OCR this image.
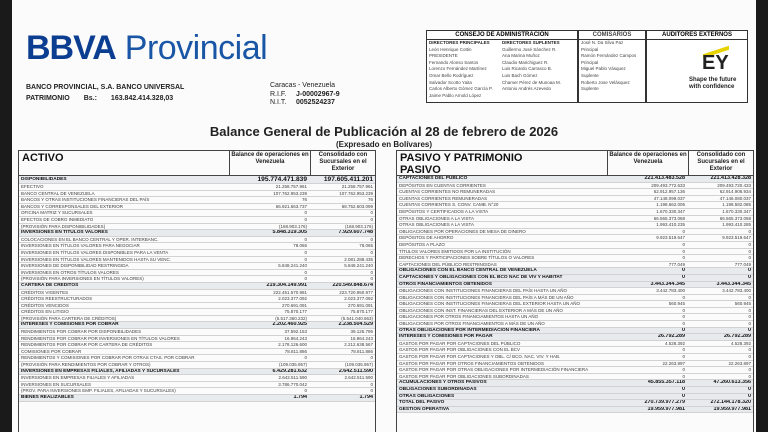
BBVA Provincial
BANCO PROVINCIAL, S.A. BANCO UNIVERSAL
PATRIMONIO Bs.: 163.842.414.328,03
Caracas - Venezuela
R.I.F.	J-00002967-9
N.I.T.	0052524237
CONSEJO DE ADMINISTRACIÓN
DIRECTORES PRINCIPALES
León Henrique Cottin
PRESIDENTE
Fernando Alonso Santos
Lorenzo Fernández Martínez
Omar Bello Rodríguez
Salvador Scotto Yaita
Carlos Alberto Gómez García P.
Jaime Pablo Arnold López
DIRECTORES SUPLENTES
Guillermo José Sánchez R.
Ana Marina Muñoz
Claudio Marichiguez R.
Luis Ricardo Carrasco B.
Luis Bach Gómez
Chamer Pérez de Munoaa M.
Antonio Andrés Azevedo

COMISARIOS
José N. Da Silva Paz
Principal
Ramón Fernández Campos
Principal
Miguel Pablo Vásquez
Suplente
Roberto Jose Velásquez
Suplente
AUDITORES EXTERNOS
EY
Shape the future
with confidence
Balance General de Publicación al 28 de febrero de 2026
(Expresado en Bolívares)
ACTIVO	Balance de operaciones en Venezuela
Consolidado con Sucursales en el Exterior
DISPONIBILIDADES	195.774.471.839	197.605.411.201
EFECTIVO	21.258.757.961	21.258.757.961
BANCO CENTRAL DE VENEZUELA	107.762.953.239	107.762.953.239
BANCOS Y OTRAS INSTITUCIONES FINANCIERAS DEL PAÍS	76	76
BANCOS Y CORRESPONSALES DEL EXTERIOR	66.921.663.737	68.752.603.099
OFICINA MATRIZ Y SUCURSALES	0	0
EFECTOS DE COBRO INMEDIATO	0	0
(PROVISIÓN PARA DISPONIBILIDADES)	(168.903.176)	(168.903.176)
INVERSIONES EN TÍTULOS VALORES	5.848.319.305	7.929.607.748
COLOCACIONES EN EL BANCO CENTRAL Y OPER. INTERBANC.	0	0
INVERSIONES EN TÍTULOS VALORES PARA NEGOCIAR	78.065	78.065
INVERSIONES EN TÍTULOS VALORES DISPONIBLES PARA LA VENTA	0	0
INVERSIONES EN TÍTULOS VALORES MANTENIDOS HASTA SU VENC.	0	2.081.288.435
INVERSIONES DE DISPONIBILIDAD RESTRINGIDA	5.848.241.240	5.848.241.240
INVERSIONES EN OTROS TÍTULOS VALORES	0	0
(PROVISIÓN PARA INVERSIONES EN TÍTULOS VALORES)	0	0
CARTERA DE CRÉDITOS	219.304.149.991	220.549.848.674
CRÉDITOS VIGENTES	222.451.570.981	223.720.950.977
CRÉDITOS REESTRUCTURADOS	2.023.377.092	2.023.377.092
CRÉDITOS VENCIDOS	270.691.091	270.691.091
CRÉDITOS EN LITIGIO	75.870.177	75.870.177
(PROVISIÓN PARA CARTERA DE CRÉDITOS)	(5.517.360.232)	(5.541.040.663)
INTERESES Y COMISIONES POR COBRAR	2.202.460.925	2.238.504.529
RENDIMIENTOS POR COBRAR POR DISPONIBILIDADES	37.592.153	39.125.795
RENDIMIENTOS POR COBRAR POR INVERSIONES EN TÍTULOS VALORES	16.964.243	16.964.243
RENDIMIENTOS POR COBRAR POR CARTERA DE CRÉDITOS	2.178.126.600	2.212.638.567
COMISIONES POR COBRAR	78.811.886	78.811.886
RENDIMIENTOS Y COMISIONES POR COBRAR POR OTRAS CTAS. POR COBRAR	0	0
(PROVISIÓN PARA RENDIMIENTOS POR COBRAR Y OTROS)	(109.035.957)	(109.035.957)
INVERSIONES EN EMPRESAS FILIALES, AFILIADAS Y SUCURSALES	6.429.281.632	2.642.511.590
INVERSIONES EN EMPRESAS FILIALES Y AFILIADAS	2.642.511.590	2.642.511.590
INVERSIONES EN SUCURSALES	3.786.770.042	0
(PROV. PARA INVERSIONES EMP. FILIALES, AFILIADAS Y SUCURSALES)	0	0
BIENES REALIZABLES	1.794	1.794
PASIVO Y PATRIMONIO
PASIVO
Balance de operaciones en Venezuela
Consolidado con Sucursales en el Exterior
CAPTACIONES DEL PÚBLICO	221.413.483.528	221.413.428.328
DEPÓSITOS EN CUENTAS CORRIENTES	209.493.772.633	209.493.720.433
CUENTAS CORRIENTES NO REMUNERADAS	62.912.957.136	62.914.906.934
CUENTAS CORRIENTES REMUNERADAS	47.148.099.037	47.146.080.037
CUENTAS CORRIENTES S. CONV. CAMB. N°20	1.198.662.005	1.198.582.085
DEPÓSITOS Y CERTIFICADOS A LA VISTA	1.670.330.347	1.670.330.347
OTRAS OBLIGACIONES A LA VISTA	66.565.373.068	66.565.373.068
OTRAS OBLIGACIONES A LA VISTA	1.993.410.235	1.993.410.285
OBLIGACIONES POR OPERACIONES DE MESA DE DINERO	0	0
DEPÓSITOS DE AHORRO	9.923.519.647	9.923.519.647
DEPÓSITOS A PLAZO	0	0
TÍTULOS VALORES EMITIDOS POR LA INSTITUCIÓN	0	0
DERECHOS Y PARTICIPACIONES SOBRE TÍTULOS O VALORES	0	0
CAPTACIONES DEL PÚBLICO RESTRINGIDAS	777.049	777.049
OBLIGACIONES CON EL BANCO CENTRAL DE VENEZUELA	0	0
CAPTACIONES Y OBLIGACIONES CON EL BCO NAC DE VIV Y HÁBITAT	0	0
OTROS FINANCIAMIENTOS OBTENIDOS	3.443.344.345	3.443.344.345
OBLIGACIONES CON INSTITUCIONES FINANCIERAS DEL PAÍS HASTA UN AÑO	3.442.783.400	3.442.783.400
OBLIGACIONES CON INSTITUCIONES FINANCIERAS DEL PAÍS A MÁS DE UN AÑO	0	0
OBLIGACIONES CON INSTITUCIONES FINANCIERAS DEL EXTERIOR HASTA UN AÑO	560.945	560.945
OBLIGACIONES CON INST. FINANCIERAS DEL EXTERIOR A MÁS DE UN AÑO	0	0
OBLIGACIONES POR OTROS FINANCIAMIENTOS HASTA UN AÑO	0	0
OBLIGACIONES POR OTROS FINANCIAMIENTOS A MÁS DE UN AÑO	0	0
OTRAS OBLIGACIONES POR INTERMEDIACIÓN FINANCIERA	0	0
INTERESES Y COMISIONES POR PAGAR	26.792.289	26.792.289
GASTOS POR PAGAR POR CAPTACIONES DEL PÚBLICO	4.528.392	4.528.392
GASTOS POR PAGAR POR OBLIGACIONES CON EL BCV	0	0
GASTOS POR PAGAR POR CAPTACIONES Y OBL. C/ BCO. NAC. VIV. Y HAB.	0	0
GASTOS POR PAGAR POR OTROS FINANCIAMIENTOS OBTENIDOS	22.263.897	22.263.897
GASTOS POR PAGAR POR OTRAS OBLIGACIONES POR INTERMEDIACIÓN FINANCIERA	0	0
GASTOS POR PAGAR POR OBLIGACIONES SUBORDINADAS	0	0
ACUMULACIONES Y OTROS PASIVOS	45.855.357.118	47.260.613.356
OBLIGACIONES SUBORDINADAS	0	0
OTRAS OBLIGACIONES	0	0
TOTAL DEL PASIVO	270.739.977.279	272.144.178.320
GESTIÓN OPERATIVA	19.959.977.981	19.959.977.981
